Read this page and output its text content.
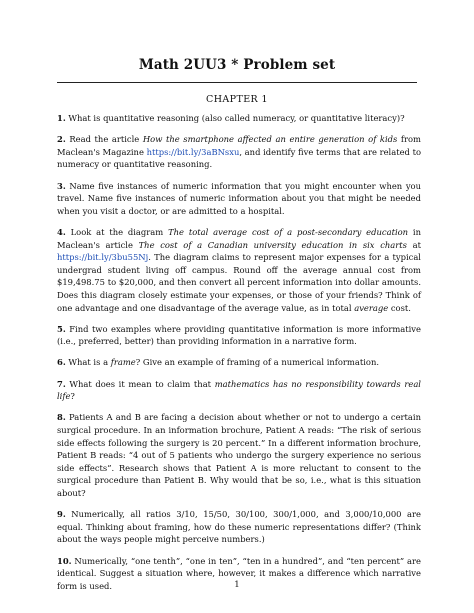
Math 2UU3 * Problem set
CHAPTER 1

1. What is quantitative reasoning (also called numeracy, or quantitative literacy)?

2. Read the article How the smartphone affected an entire generation of kids from Maclean's Magazine https://bit.ly/3aBNsxu, and identify five terms that are related to numeracy or quantitative reasoning.

3. Name five instances of numeric information that you might encounter when you travel. Name five instances of numeric information about you that might be needed when you visit a doctor, or are admitted to a hospital.

4. Look at the diagram The total average cost of a post-secondary education in Maclean's article The cost of a Canadian university education in six charts at https://bit.ly/3bu55Nj. The diagram claims to represent major expenses for a typical undergrad student living off campus. Round off the average annual cost from $19,498.75 to $20,000, and then convert all percent information into dollar amounts. Does this diagram closely estimate your expenses, or those of your friends? Think of one advantage and one disadvantage of the average value, as in total average cost.

5. Find two examples where providing quantitative information is more informative (i.e., preferred, better) than providing information in a narrative form.

6. What is a frame? Give an example of framing of a numerical information.

7. What does it mean to claim that mathematics has no responsibility towards real life?

8. Patients A and B are facing a decision about whether or not to undergo a certain surgical procedure. In an information brochure, Patient A reads: “The risk of serious side effects following the surgery is 20 percent.” In a different information brochure, Patient B reads: “4 out of 5 patients who undergo the surgery experience no serious side effects”. Research shows that Patient A is more reluctant to consent to the surgical procedure than Patient B. Why would that be so, i.e., what is this situation about?

9. Numerically, all ratios 3/10, 15/50, 30/100, 300/1,000, and 3,000/10,000 are equal. Thinking about framing, how do these numeric representations differ? (Think about the ways people might perceive numbers.)

10. Numerically, “one tenth”, “one in ten”, “ten in a hundred”, and “ten percent” are identical. Suggest a situation where, however, it makes a difference which narrative form is used.	1
